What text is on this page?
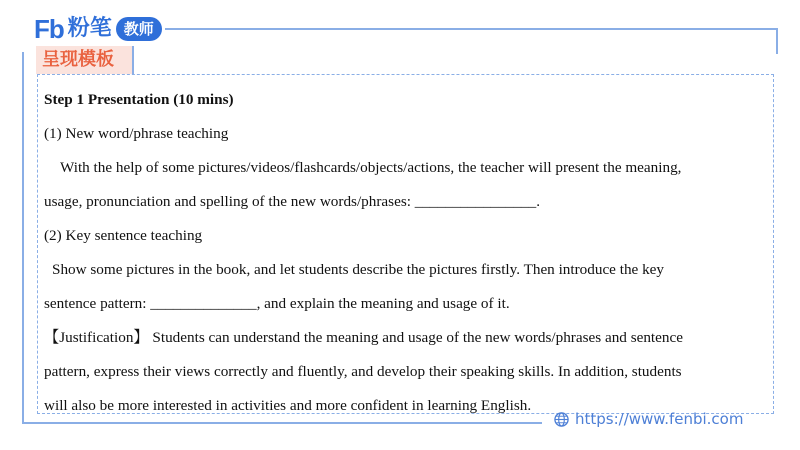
Fb 粉笔 教师
呈现模板
Step 1 Presentation (10 mins)
(1) New word/phrase teaching
With the help of some pictures/videos/flashcards/objects/actions, the teacher will present the meaning,
usage, pronunciation and spelling of the new words/phrases: ________________.
(2) Key sentence teaching
Show some pictures in the book, and let students describe the pictures firstly. Then introduce the key
sentence pattern: ______________, and explain the meaning and usage of it.
【Justification】 Students can understand the meaning and usage of the new words/phrases and sentence
pattern, express their views correctly and fluently, and develop their speaking skills. In addition, students
will also be more interested in activities and more confident in learning English.
https://www.fenbi.com
